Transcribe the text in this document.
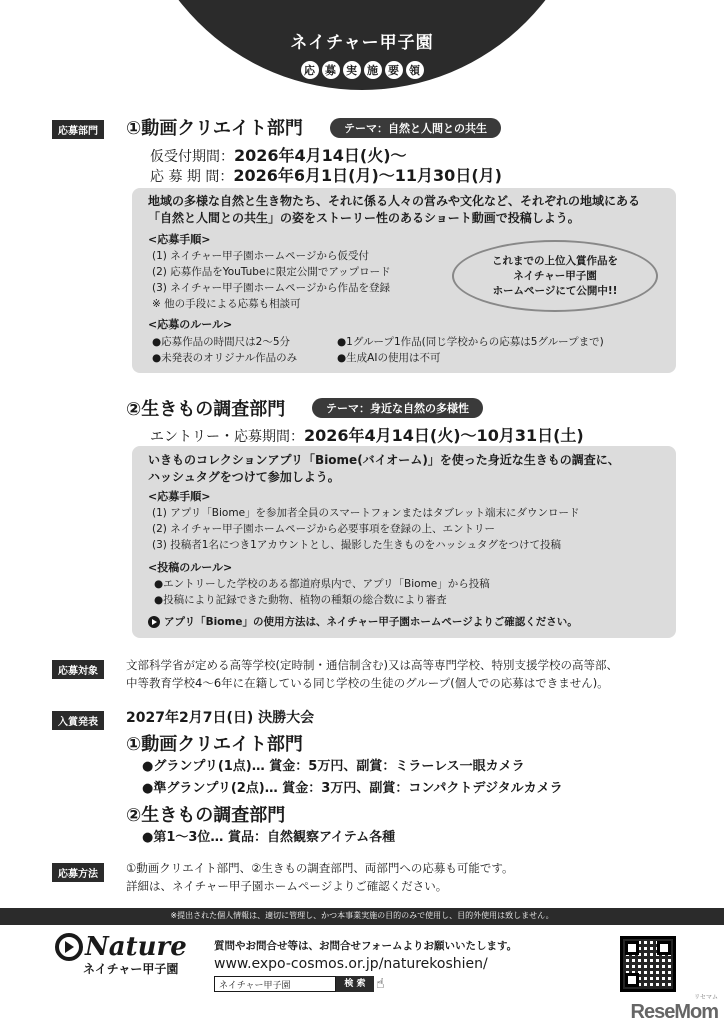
ネイチャー甲子園
応 募 実 施 要 領
応募部門	①動画クリエイト部門	テーマ：自然と人間との共生
仮受付期間：2026年4月14日(火)～
応 募 期 間：2026年6月1日(月)～11月30日(月)
地域の多様な自然と生き物たち、それに係る人々の営みや文化など、それぞれの地域にある
「自然と人間との共生」の姿をストーリー性のあるショート動画で投稿しよう。
<応募手順>
(1) ネイチャー甲子園ホームページから仮受付
(2) 応募作品をYouTubeに限定公開でアップロード
(3) ネイチャー甲子園ホームページから作品を登録
※ 他の手段による応募も相談可
<応募のルール>
●応募作品の時間尺は2～5分	●1グループ1作品(同じ学校からの応募は5グループまで)
●未発表のオリジナル作品のみ	●生成AIの使用は不可
これまでの上位入賞作品を
ネイチャー甲子園
ホームページにて公開中!!
②生きもの調査部門	テーマ：身近な自然の多様性
エントリー・応募期間：2026年4月14日(火)～10月31日(土)
いきものコレクションアプリ「Biome(バイオーム)」を使った身近な生きもの調査に、
ハッシュタグをつけて参加しよう。
<応募手順>
(1) アプリ「Biome」を参加者全員のスマートフォンまたはタブレット端末にダウンロード
(2) ネイチャー甲子園ホームページから必要事項を登録の上、エントリー
(3) 投稿者1名につき1アカウントとし、撮影した生きものをハッシュタグをつけて投稿
<投稿のルール>
●エントリーした学校のある都道府県内で、アプリ「Biome」から投稿
●投稿により記録できた動物、植物の種類の総合数により審査
アプリ「Biome」の使用方法は、ネイチャー甲子園ホームページよりご確認ください。
応募対象	文部科学省が定める高等学校(定時制・通信制含む)又は高等専門学校、特別支援学校の高等部、
中等教育学校4～6年に在籍している同じ学校の生徒のグループ(個人での応募はできません)。
入賞発表	2027年2月7日(日) 決勝大会
①動画クリエイト部門
●グランプリ(1点)… 賞金：5万円、副賞：ミラーレス一眼カメラ
●準グランプリ(2点)… 賞金：3万円、副賞：コンパクトデジタルカメラ
②生きもの調査部門
●第1～3位… 賞品：自然観察アイテム各種
応募方法	①動画クリエイト部門、②生きもの調査部門、両部門への応募も可能です。
詳細は、ネイチャー甲子園ホームページよりご確認ください。
※提出された個人情報は、適切に管理し、かつ本事業実施の目的のみで使用し、目的外使用は致しません。
Nature
ネイチャー甲子園
質問やお問合せ等は、お問合せフォームよりお願いいたします。
www.expo-cosmos.or.jp/naturekoshien/
ネイチャー甲子園	検 索 ☝
リセマム
ReseMom
